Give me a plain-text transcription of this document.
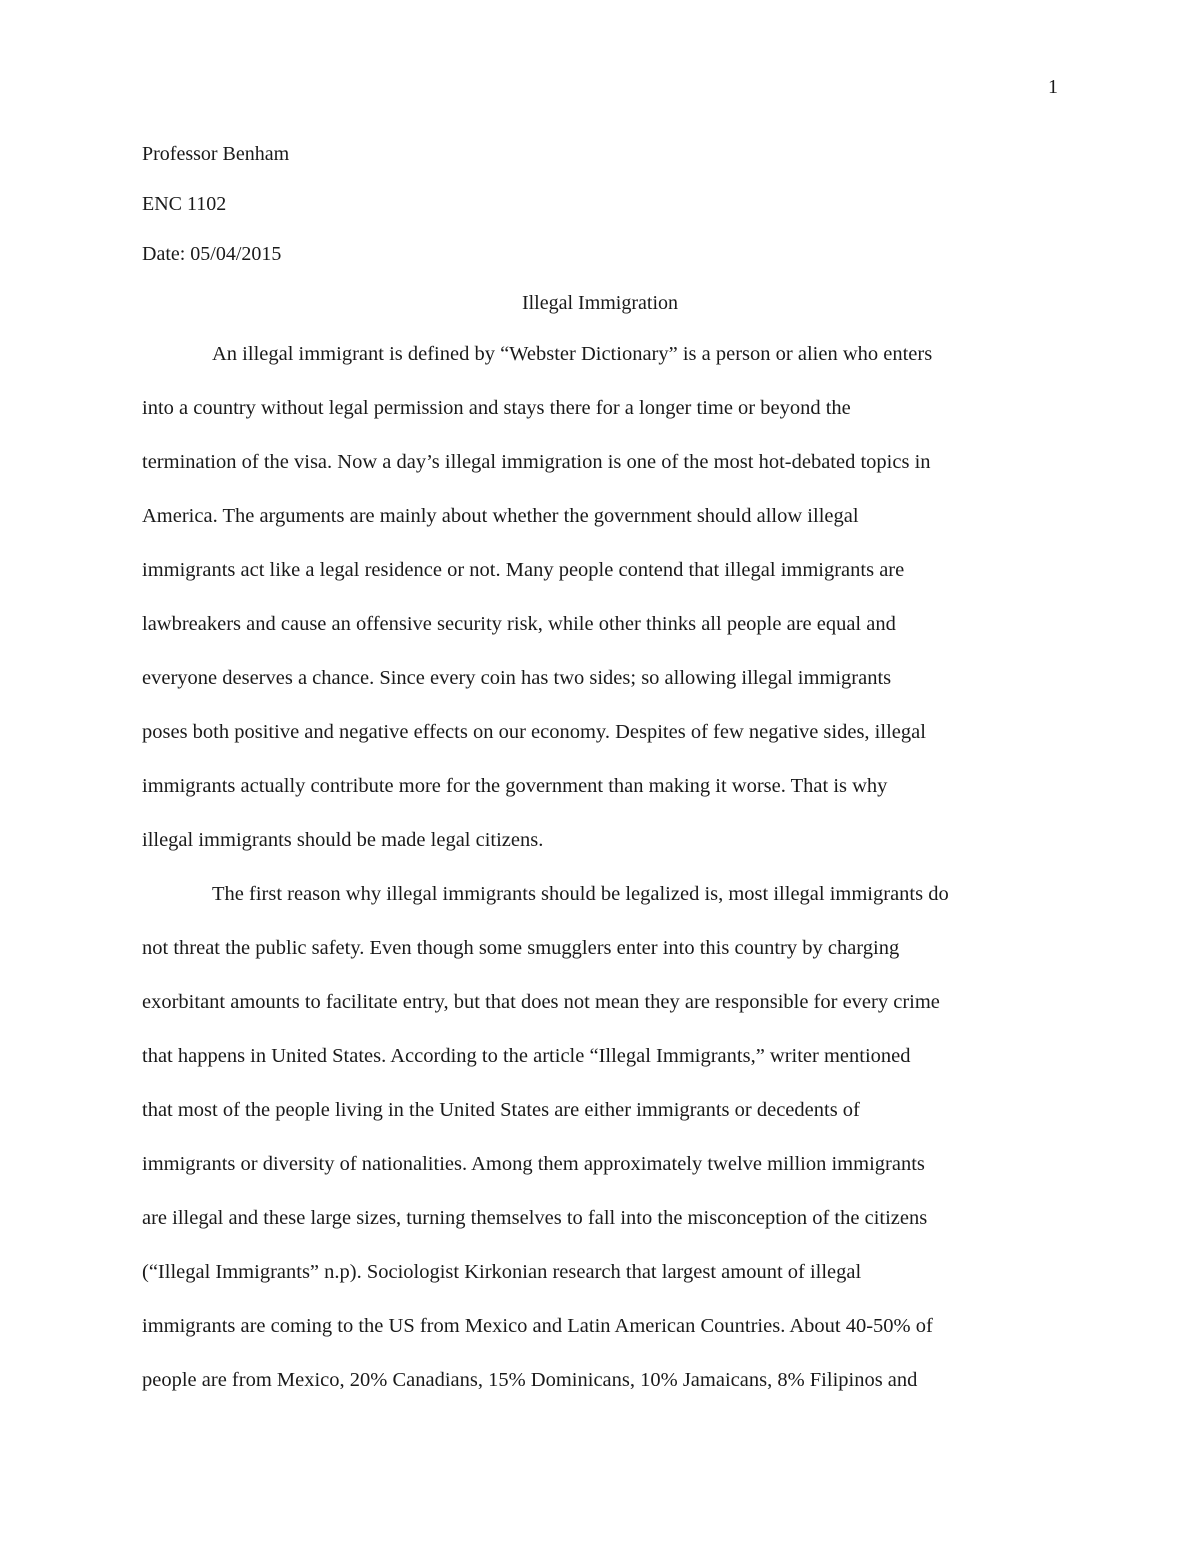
1
Professor Benham
ENC 1102
Date: 05/04/2015
Illegal Immigration
An illegal immigrant is defined by “Webster Dictionary” is a person or alien who enters
into a country without legal permission and stays there for a longer time or beyond the
termination of the visa. Now a day’s illegal immigration is one of the most hot-debated topics in
America. The arguments are mainly about whether the government should allow illegal
immigrants act like a legal residence or not. Many people contend that illegal immigrants are
lawbreakers and cause an offensive security risk, while other thinks all people are equal and
everyone deserves a chance. Since every coin has two sides; so allowing illegal immigrants
poses both positive and negative effects on our economy. Despites of few negative sides, illegal
immigrants actually contribute more for the government than making it worse. That is why
illegal immigrants should be made legal citizens.
The first reason why illegal immigrants should be legalized is, most illegal immigrants do
not threat the public safety. Even though some smugglers enter into this country by charging
exorbitant amounts to facilitate entry, but that does not mean they are responsible for every crime
that happens in United States. According to the article “Illegal Immigrants,” writer mentioned
that most of the people living in the United States are either immigrants or decedents of
immigrants or diversity of nationalities. Among them approximately twelve million immigrants
are illegal and these large sizes, turning themselves to fall into the misconception of the citizens
(“Illegal Immigrants” n.p). Sociologist Kirkonian research that largest amount of illegal
immigrants are coming to the US from Mexico and Latin American Countries. About 40-50% of
people are from Mexico, 20% Canadians, 15% Dominicans, 10% Jamaicans, 8% Filipinos and
